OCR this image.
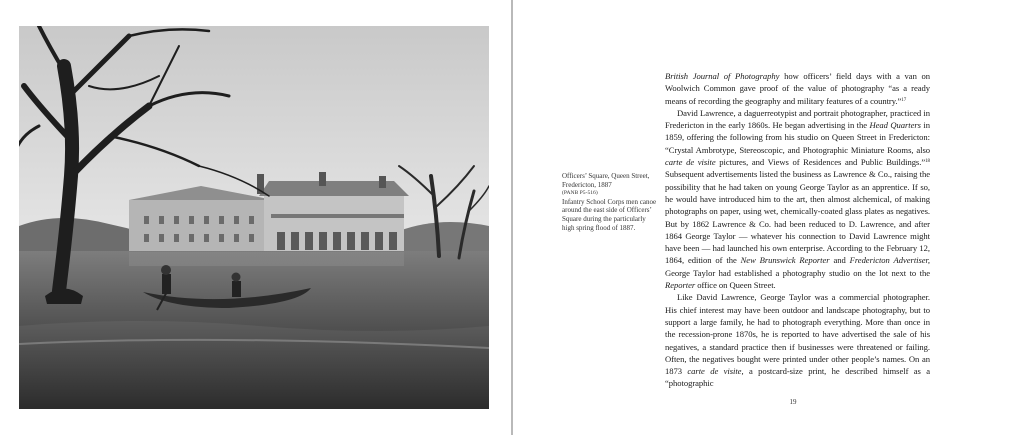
Officers’ Square, Queen Street, Fredericton, 1887

(PANB P5-516)

Infantry School Corps men canoe around the east side of Officers’ Square during the particularly high spring flood of 1887.

British Journal of Photography how officers’ field days with a van on Woolwich Common gave proof of the value of photography “as a ready means of recording the geography and military features of a country.”$^{17}$

David Lawrence, a daguerreotypist and portrait photographer, practiced in Fredericton in the early 1860s. He began advertising in the Head Quarters in 1859, offering the following from his studio on Queen Street in Fredericton: “Crystal Ambrotype, Stereoscopic, and Photographic Miniature Rooms, also carte de visite pictures, and Views of Residences and Public Buildings.”$^{18}$ Subsequent advertisements listed the business as Lawrence & Co., raising the possibility that he had taken on young George Taylor as an apprentice. If so, he would have introduced him to the art, then almost alchemical, of making photographs on paper, using wet, chemically-coated glass plates as negatives. But by 1862 Lawrence & Co. had been reduced to D. Lawrence, and after 1864 George Taylor — whatever his connection to David Lawrence might have been — had launched his own enterprise. According to the February 12, 1864, edition of the New Brunswick Reporter and Fredericton Advertiser, George Taylor had established a photography studio on the lot next to the Reporter office on Queen Street.

Like David Lawrence, George Taylor was a commercial photographer. His chief interest may have been outdoor and landscape photography, but to support a large family, he had to photograph everything. More than once in the recession-prone 1870s, he is reported to have advertised the sale of his negatives, a standard practice then if businesses were threatened or failing. Often, the negatives bought were printed under other people’s names. On an 1873 carte de visite, a postcard-size print, he described himself as a “photographic

19
